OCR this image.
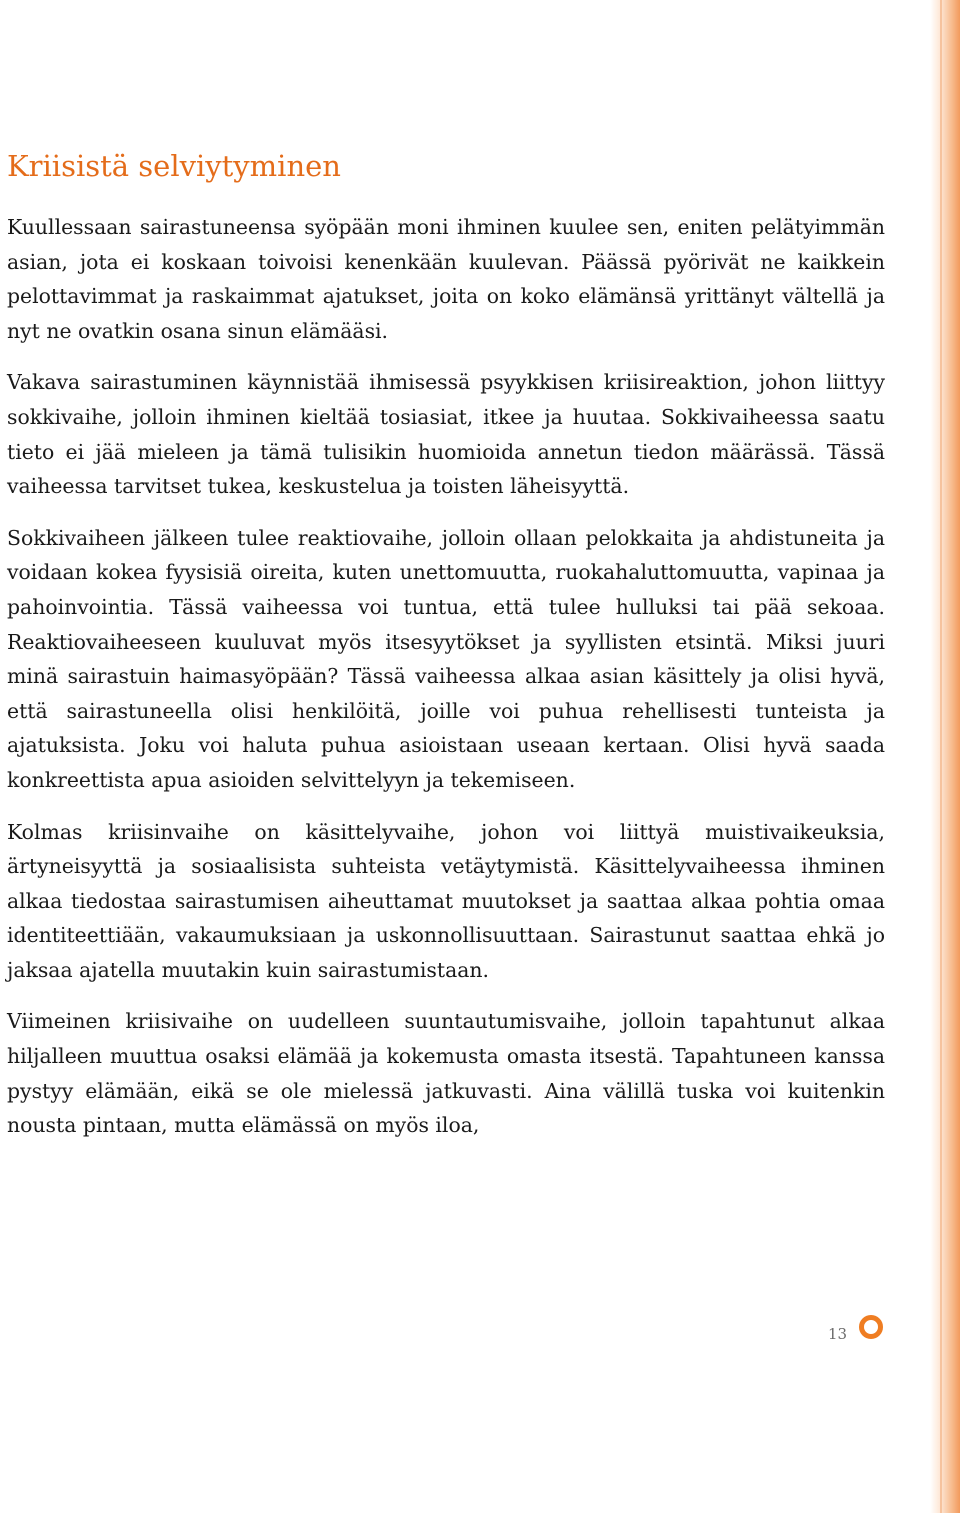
Kriisistä selviytyminen

Kuullessaan sairastuneensa syöpään moni ihminen kuulee sen, eniten pelätyimmän asian, jota ei koskaan toivoisi kenenkään kuulevan. Päässä pyörivät ne kaikkein pelottavimmat ja raskaimmat ajatukset, joita on koko elämänsä yrittänyt vältellä ja nyt ne ovatkin osana sinun elämääsi.

Vakava sairastuminen käynnistää ihmisessä psyykkisen kriisireaktion, johon liittyy sokkivaihe, jolloin ihminen kieltää tosiasiat, itkee ja huutaa. Sokkivaiheessa saatu tieto ei jää mieleen ja tämä tulisikin huomioida annetun tiedon määrässä. Tässä vaiheessa tarvitset tukea, keskustelua ja toisten läheisyyttä.

Sokkivaiheen jälkeen tulee reaktiovaihe, jolloin ollaan pelokkaita ja ahdistuneita ja voidaan kokea fyysisiä oireita, kuten unettomuutta, ruokahaluttomuutta, vapinaa ja pahoinvointia. Tässä vaiheessa voi tuntua, että tulee hulluksi tai pää sekoaa. Reaktiovaiheeseen kuuluvat myös itsesyytökset ja syyllisten etsintä. Miksi juuri minä sairastuin haimasyöpään? Tässä vaiheessa alkaa asian käsittely ja olisi hyvä, että sairastuneella olisi henkilöitä, joille voi puhua rehellisesti tunteista ja ajatuksista. Joku voi haluta puhua asioistaan useaan kertaan. Olisi hyvä saada konkreettista apua asioiden selvittelyyn ja tekemiseen.

Kolmas kriisinvaihe on käsittelyvaihe, johon voi liittyä muistivaikeuksia, ärtyneisyyttä ja sosiaalisista suhteista vetäytymistä. Käsittelyvaiheessa ihminen alkaa tiedostaa sairastumisen aiheuttamat muutokset ja saattaa alkaa pohtia omaa identiteettiään, vakaumuksiaan ja uskonnollisuuttaan. Sairastunut saattaa ehkä jo jaksaa ajatella muutakin kuin sairastumistaan.

Viimeinen kriisivaihe on uudelleen suuntautumisvaihe, jolloin tapahtunut alkaa hiljalleen muuttua osaksi elämää ja kokemusta omasta itsestä. Tapahtuneen kanssa pystyy elämään, eikä se ole mielessä jatkuvasti. Aina välillä tuska voi kuitenkin nousta pintaan, mutta elämässä on myös iloa,

13
